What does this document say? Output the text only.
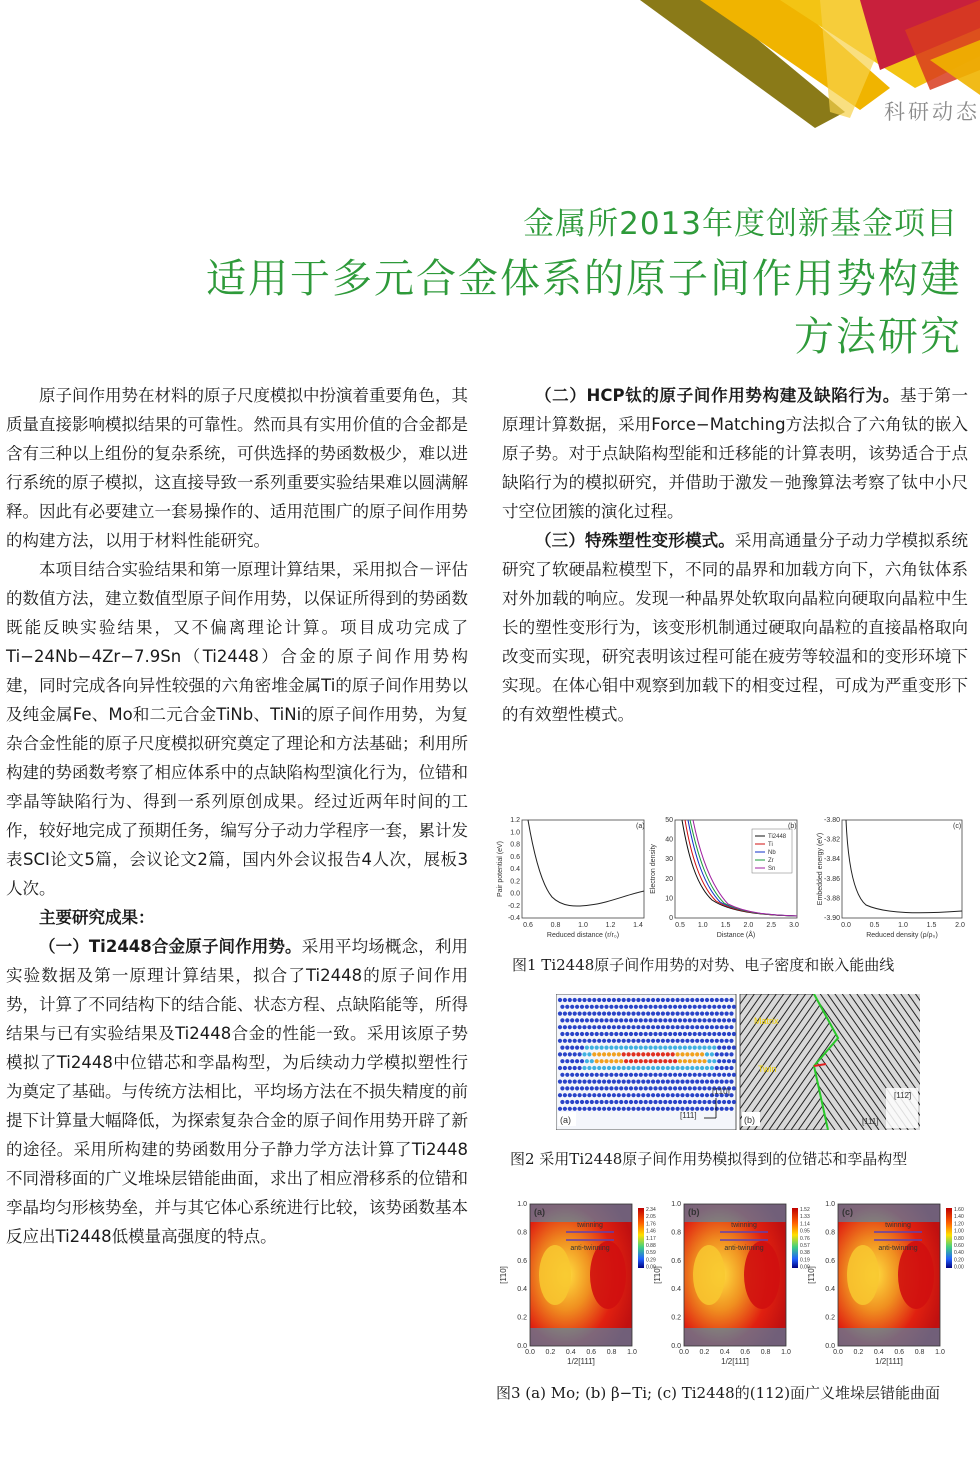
科研动态
金属所2013年度创新基金项目
适用于多元合金体系的原子间作用势构建方法研究

原子间作用势在材料的原子尺度模拟中扮演着重要角色，其质量直接影响模拟结果的可靠性。然而具有实用价值的合金都是含有三种以上组份的复杂系统，可供选择的势函数极少，难以进行系统的原子模拟，这直接导致一系列重要实验结果难以圆满解释。因此有必要建立一套易操作的、适用范围广的原子间作用势的构建方法，以用于材料性能研究。

本项目结合实验结果和第一原理计算结果，采用拟合－评估的数值方法，建立数值型原子间作用势，以保证所得到的势函数既能反映实验结果，又不偏离理论计算。项目成功完成了Ti−24Nb−4Zr−7.9Sn（Ti2448）合金的原子间作用势构建，同时完成各向异性较强的六角密堆金属Ti的原子间作用势以及纯金属Fe、Mo和二元合金TiNb、TiNi的原子间作用势，为复杂合金性能的原子尺度模拟研究奠定了理论和方法基础；利用所构建的势函数考察了相应体系中的点缺陷构型演化行为，位错和孪晶等缺陷行为、得到一系列原创成果。经过近两年时间的工作，较好地完成了预期任务，编写分子动力学程序一套，累计发表SCI论文5篇，会议论文2篇，国内外会议报告4人次，展板3人次。

主要研究成果：

（一）Ti2448合金原子间作用势。采用平均场概念，利用实验数据及第一原理计算结果，拟合了Ti2448的原子间作用势，计算了不同结构下的结合能、状态方程、点缺陷能等，所得结果与已有实验结果及Ti2448合金的性能一致。采用该原子势模拟了Ti2448中位错芯和孪晶构型，为后续动力学模拟塑性行为奠定了基础。与传统方法相比，平均场方法在不损失精度的前提下计算量大幅降低，为探索复杂合金的原子间作用势开辟了新的途径。采用所构建的势函数用分子静力学方法计算了Ti2448不同滑移面的广义堆垛层错能曲面，求出了相应滑移系的位错和孪晶均匀形核势垒，并与其它体心系统进行比较，该势函数基本反应出Ti2448低模量高强度的特点。

（二）HCP钛的原子间作用势构建及缺陷行为。基于第一原理计算数据，采用Force−Matching方法拟合了六角钛的嵌入原子势。对于点缺陷构型能和迁移能的计算表明，该势适合于点缺陷行为的模拟研究，并借助于激发－弛豫算法考察了钛中小尺寸空位团簇的演化过程。

（三）特殊塑性变形模式。采用高通量分子动力学模拟系统研究了软硬晶粒模型下，不同的晶界和加载方向下，六角钛体系对外加载的响应。发现一种晶界处软取向晶粒向硬取向晶粒中生长的塑性变形行为，该变形机制通过硬取向晶粒的直接晶格取向改变而实现，研究表明该过程可能在疲劳等较温和的变形环境下实现。在体心钼中观察到加载下的相变过程，可成为严重变形下的有效塑性模式。

(a)
Pair potential (eV)
Reduced distance (r/r₀)
1.2
1.0
0.8
0.6
0.4
0.2
0.0
-0.2
-0.4
0.6	0.8	1.0	1.2	1.4
(b)
Ti2448
Ti
Nb
Zr
Sn
Electron density
Distance (Å)
50
40
30
20
10
0
0.5 1.0 1.5 2.0 2.5 3.0
(c)
Embedded energy (eV)
Reduced density (ρ/ρ₀)
-3.80
-3.82
-3.84
-3.86
-3.88
-3.90
0.0	0.5	1.0	1.5	2.0
图1 Ti2448原子间作用势的对势、电子密度和嵌入能曲线
(a)
[1̄10]
[111]
Matrix
Twin
(b)
[112̄]
[111]
图2 采用Ti2448原子间作用势模拟得到的位错芯和孪晶构型
twinning
anti-twinning
(a)	2.34
2.05
1.76
1.46
1.17
0.88
0.59
0.29
0.00
1.0
0.8
0.6
0.4
0.2
0.0
0.0 0.2 0.4 0.6 0.8 1.0
[1̄10]
1/2[111̄]
twinning
anti-twinning
(b)	1.52
1.33
1.14
0.95
0.76
0.57
0.38
0.19
0.00
1.0
0.8
0.6
0.4
0.2
0.0
0.0 0.2 0.4 0.6 0.8 1.0
[1̄10]
1/2[111̄]
twinning
anti-twinning
(c)	1.60
1.40
1.20
1.00
0.80
0.60
0.40
0.20
0.00
1.0
0.8
0.6
0.4
0.2
0.0
0.0 0.2 0.4 0.6 0.8 1.0
[1̄10]
1/2[111̄]
图3 (a) Mo; (b) β−Ti; (c) Ti2448的(112)面广义堆垛层错能曲面
